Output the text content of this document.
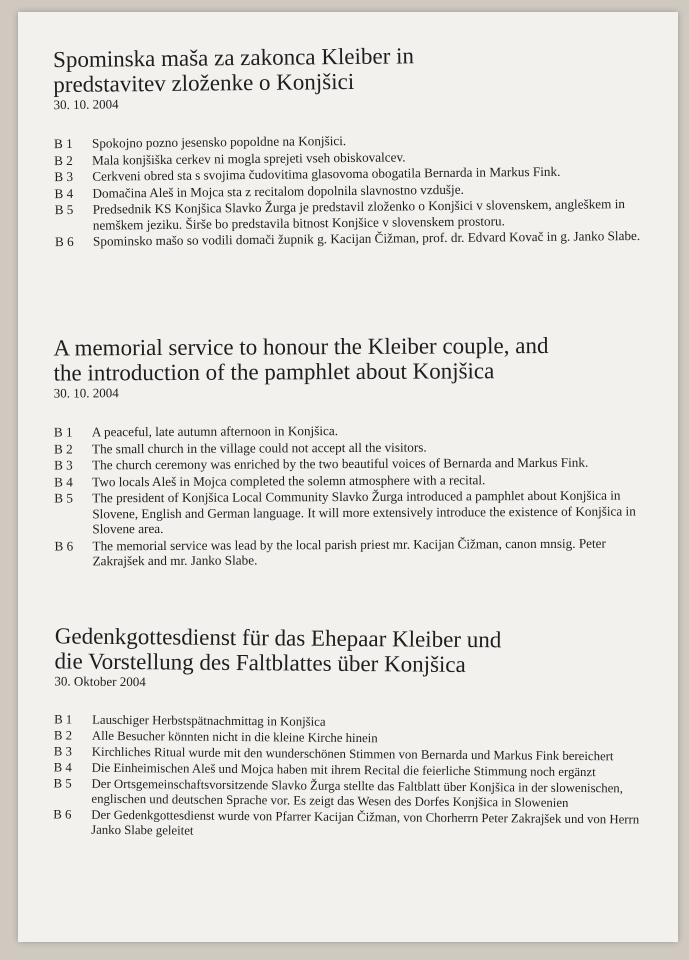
Spominska maša za zakonca Kleiber in
predstavitev zloženke o Konjšici
30. 10. 2004
B 1	Spokojno pozno jesensko popoldne na Konjšici.
B 2	Mala konjšiška cerkev ni mogla sprejeti vseh obiskovalcev.
B 3	Cerkveni obred sta s svojima čudovitima glasovoma obogatila Bernarda in Markus Fink.
B 4	Domačina Aleš in Mojca sta z recitalom dopolnila slavnostno vzdušje.
B 5	Predsednik KS Konjšica Slavko Žurga je predstavil zloženko o Konjšici v slovenskem, angleškem in nemškem jeziku. Širše bo predstavila bitnost Konjšice v slovenskem prostoru.
B 6	Spominsko mašo so vodili domači župnik g. Kacijan Čižman, prof. dr. Edvard Kovač in g. Janko Slabe.
A memorial service to honour the Kleiber couple, and
the introduction of the pamphlet about Konjšica
30. 10. 2004
B 1	A peaceful, late autumn afternoon in Konjšica.
B 2	The small church in the village could not accept all the visitors.
B 3	The church ceremony was enriched by the two beautiful voices of Bernarda and Markus Fink.
B 4	Two locals Aleš in Mojca completed the solemn atmosphere with a recital.
B 5	The president of Konjšica Local Community Slavko Žurga introduced a pamphlet about Konjšica in Slovene, English and German language. It will more extensively introduce the existence of Konjšica in Slovene area.
B 6	The memorial service was lead by the local parish priest mr. Kacijan Čižman, canon mnsig. Peter Zakrajšek and mr. Janko Slabe.
Gedenkgottesdienst für das Ehepaar Kleiber und
die Vorstellung des Faltblattes über Konjšica
30. Oktober 2004
B 1	Lauschiger Herbstspätnachmittag in Konjšica
B 2	Alle Besucher könnten nicht in die kleine Kirche hinein
B 3	Kirchliches Ritual wurde mit den wunderschönen Stimmen von Bernarda und Markus Fink bereichert
B 4	Die Einheimischen Aleš und Mojca haben mit ihrem Recital die feierliche Stimmung noch ergänzt
B 5	Der Ortsgemeinschaftsvorsitzende Slavko Žurga stellte das Faltblatt über Konjšica in der slowenischen, englischen und deutschen Sprache vor. Es zeigt das Wesen des Dorfes Konjšica in Slowenien
B 6	Der Gedenkgottesdienst wurde von Pfarrer Kacijan Čižman, von Chorherrn Peter Zakrajšek und von Herrn Janko Slabe geleitet
